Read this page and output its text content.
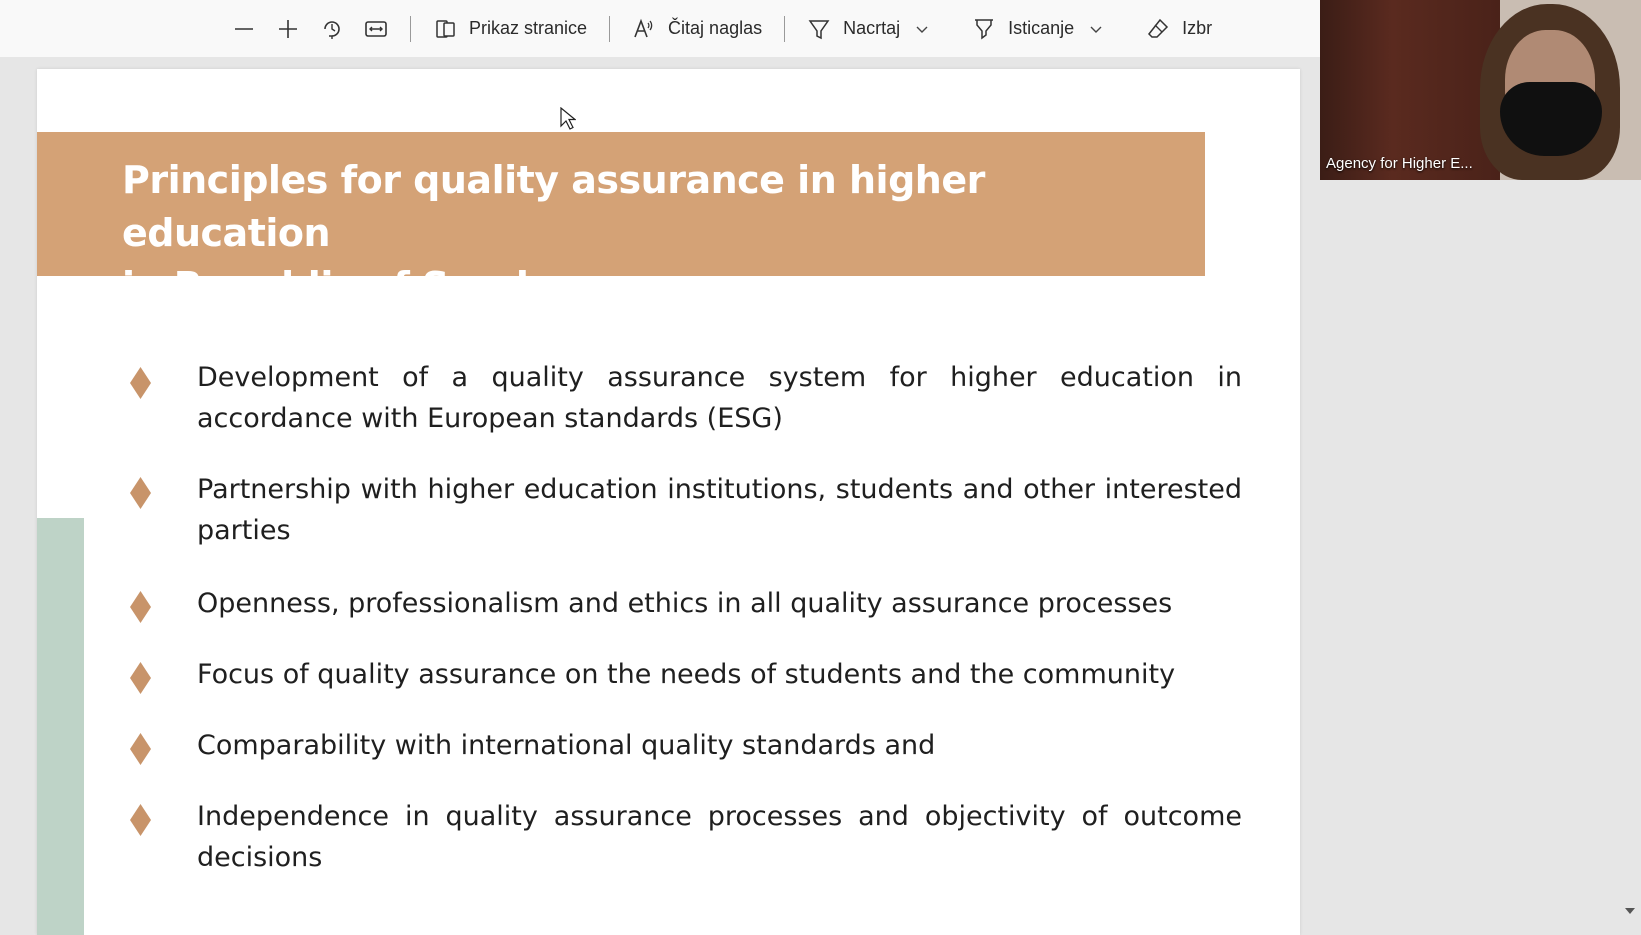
Prikaz stranice	Čitaj naglas	Nacrtaj	Isticanje	Izbr
Principles for quality assurance in higher education
in Republic of Srpska
Development of a quality assurance system for higher education in accordance with European standards (ESG)
Partnership with higher education institutions, students and other interested parties
Openness, professionalism and ethics in all quality assurance processes
Focus of quality assurance on the needs of students and the community
Comparability with international quality standards and
Independence in quality assurance processes and objectivity of outcome decisions
Agency for Higher E...
